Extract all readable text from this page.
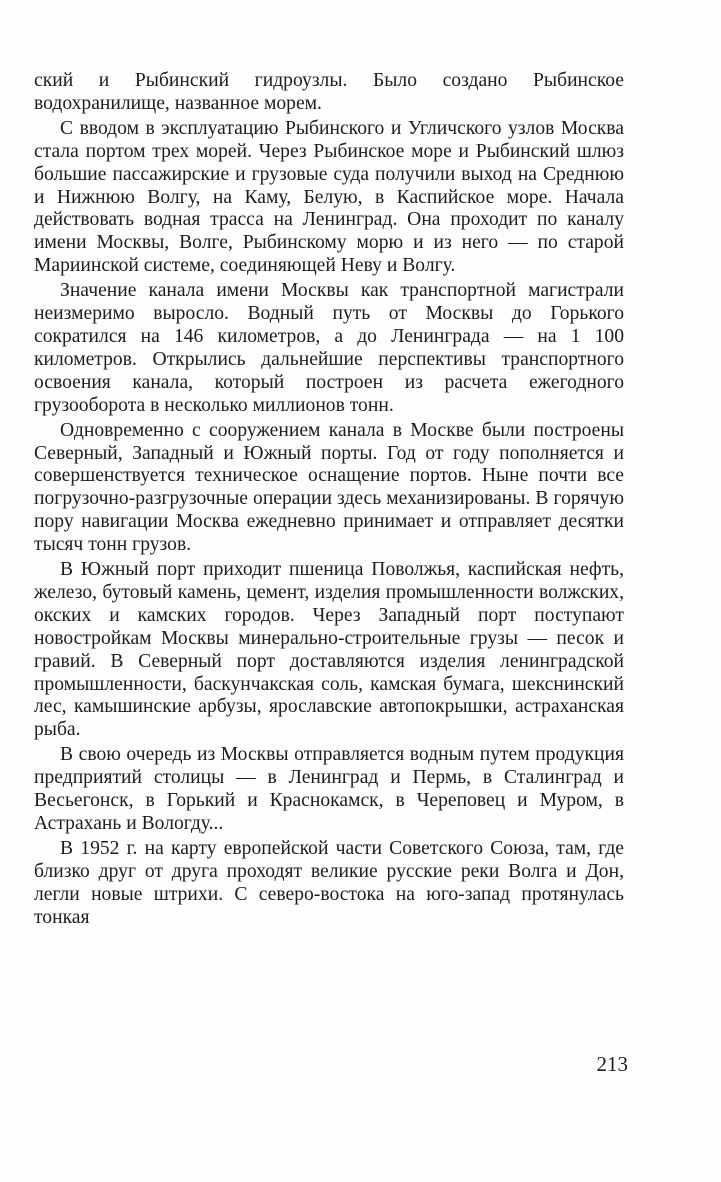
ский и Рыбинский гидроузлы. Было создано Рыбинское водохранилище, названное морем.

С вводом в эксплуатацию Рыбинского и Угличского узлов Москва стала портом трех морей. Через Рыбинское море и Рыбинский шлюз большие пассажирские и грузовые суда получили выход на Среднюю и Нижнюю Волгу, на Каму, Белую, в Каспийское море. Начала действовать водная трасса на Ленинград. Она проходит по каналу имени Москвы, Волге, Рыбинскому морю и из него — по старой Мариинской системе, соединяющей Неву и Волгу.

Значение канала имени Москвы как транспортной магистрали неизмеримо выросло. Водный путь от Москвы до Горького сократился на 146 километров, а до Ленинграда — на 1 100 километров. Открылись дальнейшие перспективы транспортного освоения канала, который построен из расчета ежегодного грузооборота в несколько миллионов тонн.

Одновременно с сооружением канала в Москве были построены Северный, Западный и Южный порты. Год от году пополняется и совершенствуется техническое оснащение портов. Ныне почти все погрузочно-разгрузочные операции здесь механизированы. В горячую пору навигации Москва ежедневно принимает и отправляет десятки тысяч тонн грузов.

В Южный порт приходит пшеница Поволжья, каспийская нефть, железо, бутовый камень, цемент, изделия промышленности волжских, окских и камских городов. Через Западный порт поступают новостройкам Москвы минерально-строительные грузы — песок и гравий. В Северный порт доставляются изделия ленинградской промышленности, баскунчакская соль, камская бумага, шекснинский лес, камышинские арбузы, ярославские автопокрышки, астраханская рыба.

В свою очередь из Москвы отправляется водным путем продукция предприятий столицы — в Ленинград и Пермь, в Сталинград и Весьегонск, в Горький и Краснокамск, в Череповец и Муром, в Астрахань и Вологду...

В 1952 г. на карту европейской части Советского Союза, там, где близко друг от друга проходят великие русские реки Волга и Дон, легли новые штрихи. С северо-востока на юго-запад протянулась тонкая

213
